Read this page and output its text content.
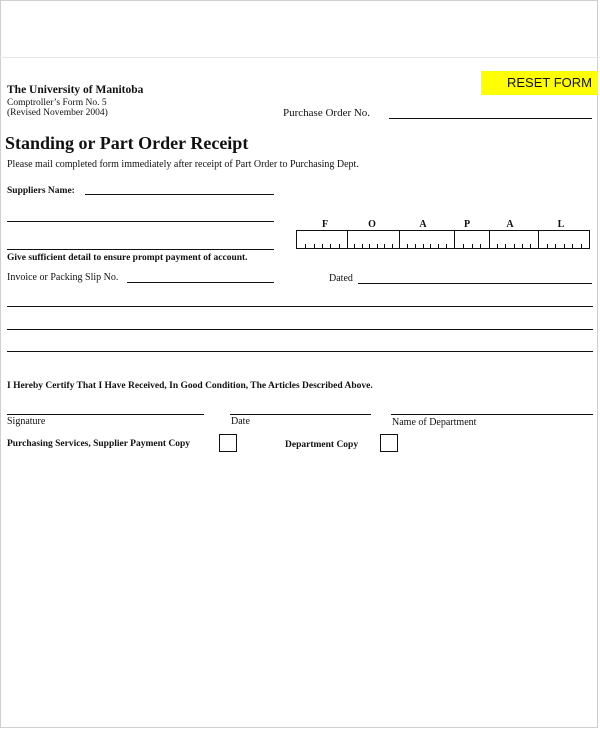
RESET FORM
The University of Manitoba
Comptroller’s Form No. 5
(Revised November 2004)	Purchase Order No.
Standing or Part Order Receipt
Please mail completed form immediately after receipt of Part Order to Purchasing Dept.
Suppliers Name:
F	O	A	P	A	L
Give sufficient detail to ensure prompt payment of account.
Invoice or Packing Slip No.	Dated
I Hereby Certify That I Have Received, In Good Condition, The Articles Described Above.
Signature	Date	Name of Department
Purchasing Services, Supplier Payment Copy	Department Copy
